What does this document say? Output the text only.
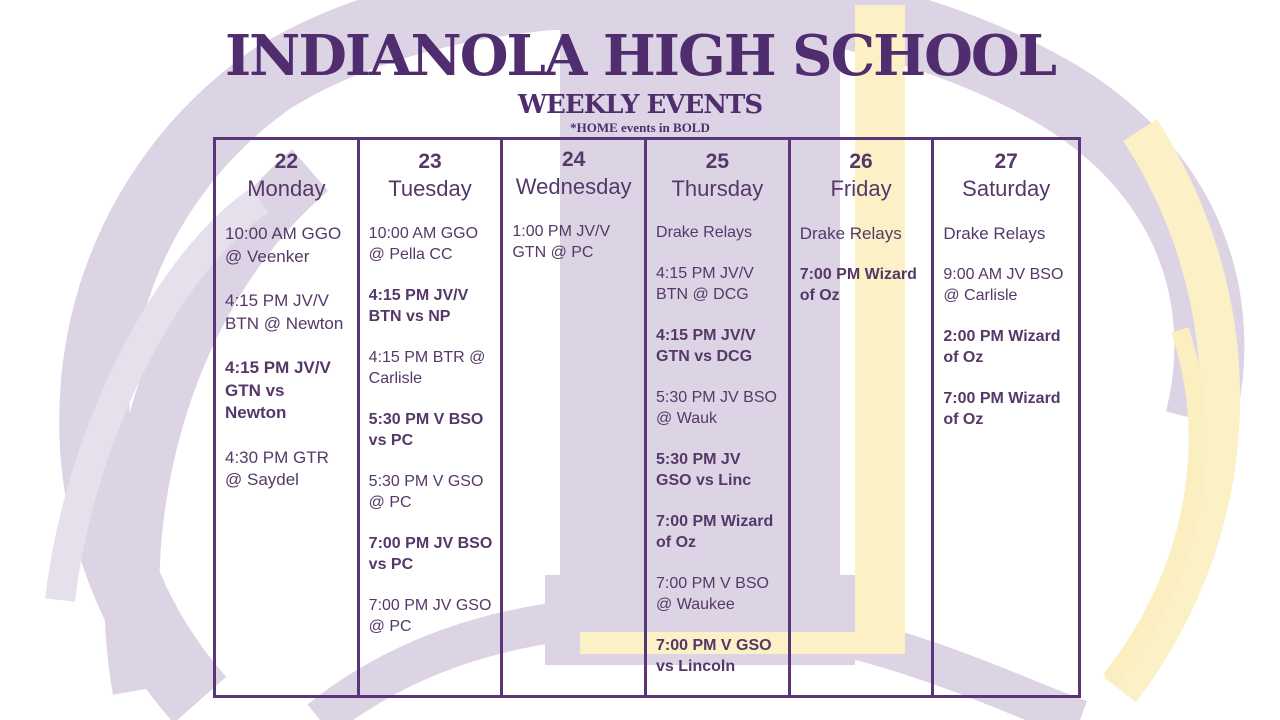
INDIANOLA HIGH SCHOOL
WEEKLY EVENTS
*HOME events in BOLD
22
Monday
10:00 AM GGO @ Veenker
4:15 PM JV/V BTN @ Newton
4:15 PM JV/V GTN vs Newton
4:30 PM GTR @ Saydel
23
Tuesday
10:00 AM GGO @ Pella CC
4:15 PM JV/V BTN vs NP
4:15 PM BTR @ Carlisle
5:30 PM V BSO vs PC
5:30 PM V GSO @ PC
7:00 PM JV BSO vs PC
7:00 PM JV GSO @ PC
24
Wednesday
1:00 PM JV/V GTN @ PC
25
Thursday
Drake Relays
4:15 PM JV/V BTN @ DCG
4:15 PM JV/V GTN vs DCG
5:30 PM JV BSO @ Wauk
5:30 PM JV GSO vs Linc
7:00 PM Wizard of Oz
7:00 PM V BSO @ Waukee
7:00 PM V GSO vs Lincoln
26
Friday
Drake Relays
7:00 PM Wizard of Oz
27
Saturday
Drake Relays
9:00 AM JV BSO @ Carlisle
2:00 PM Wizard of Oz
7:00 PM Wizard of Oz
